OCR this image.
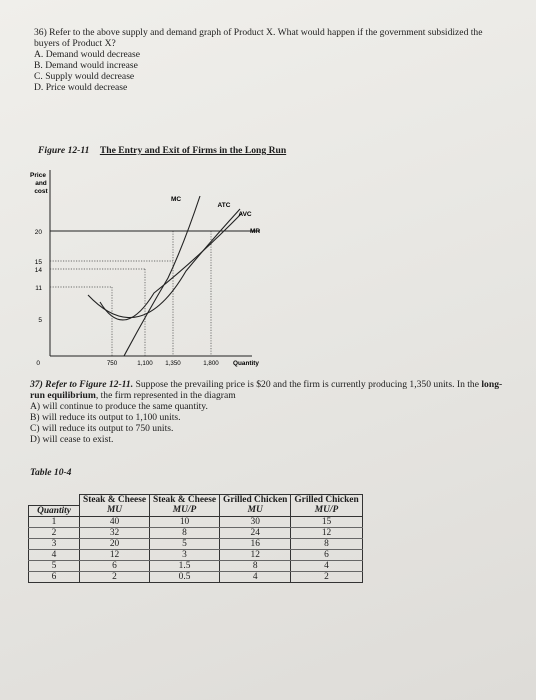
36) Refer to the above supply and demand graph of Product X. What would happen if the government subsidized the buyers of Product X?

A. Demand would decrease

B. Demand would increase

C. Supply would decrease

D. Price would decrease

Figure 12-11 The Entry and Exit of Firms in the Long Run
Price
and
cost
20
15
14
11
5
0	750	1,100 1,350	1,800 Quantity
MC
ATC
AVC
MR

37) Refer to Figure 12-11. Suppose the prevailing price is $20 and the firm is currently producing 1,350 units. In the long-run equilibrium, the firm represented in the diagram

A) will continue to produce the same quantity.

B) will reduce its output to 1,100 units.

C) will reduce its output to 750 units.

D) will cease to exist.

Table 10-4
	Steak & Cheese	Steak & Cheese	Grilled Chicken	Grilled Chicken
Quantity	MU	MU/P	MU	MU/P
1	40	10	30	15
2	32	8	24	12
3	20	5	16	8
4	12	3	12	6
5	6	1.5	8	4
6	2	0.5	4	2
